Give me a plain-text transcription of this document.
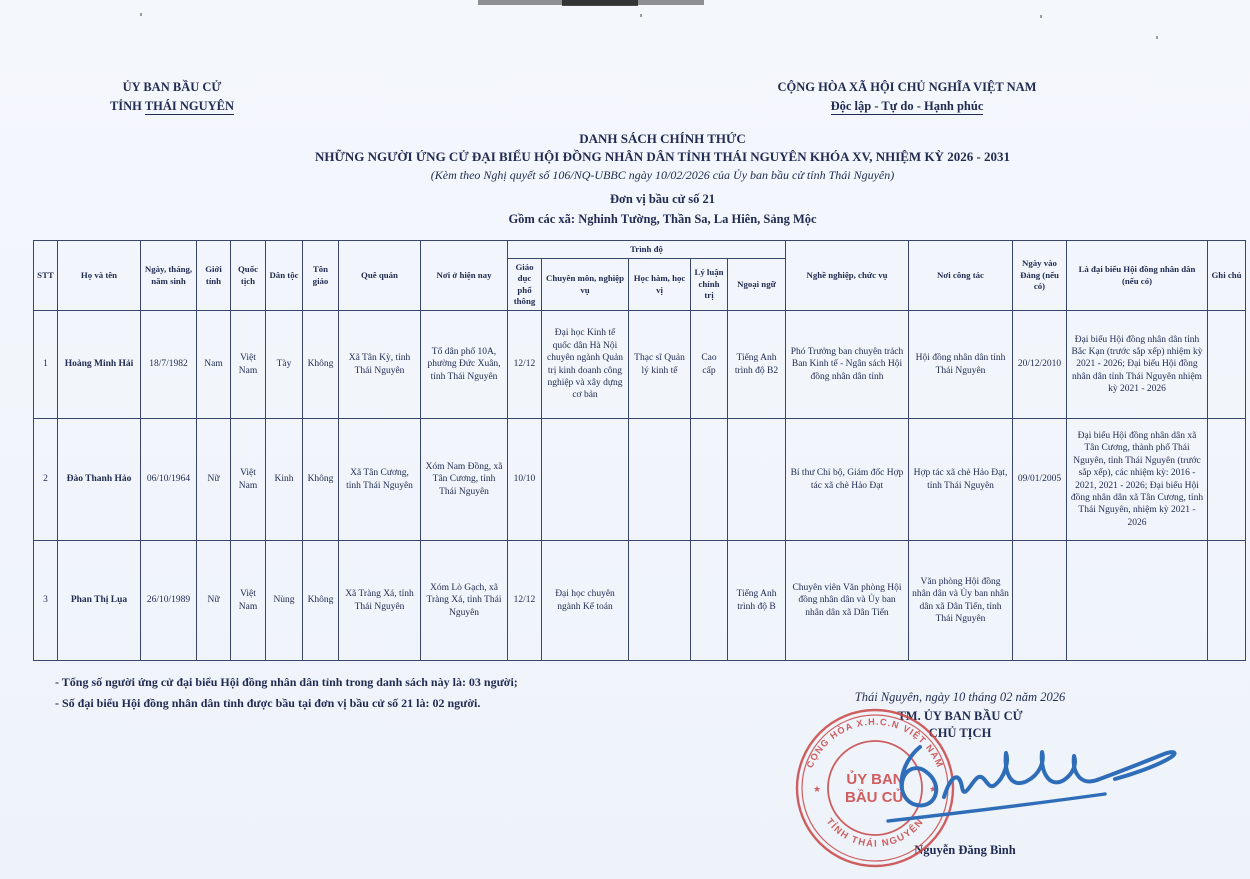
ỦY BAN BẦU CỬ
TỈNH THÁI NGUYÊN
CỘNG HÒA XÃ HỘI CHỦ NGHĨA VIỆT NAM
Độc lập - Tự do - Hạnh phúc
DANH SÁCH CHÍNH THỨC
NHỮNG NGƯỜI ỨNG CỬ ĐẠI BIỂU HỘI ĐỒNG NHÂN DÂN TỈNH THÁI NGUYÊN KHÓA XV, NHIỆM KỲ 2026 - 2031
(Kèm theo Nghị quyết số 106/NQ-UBBC ngày 10/02/2026 của Ủy ban bầu cử tỉnh Thái Nguyên)
Đơn vị bầu cử số 21
Gồm các xã: Nghinh Tường, Thần Sa, La Hiên, Sảng Mộc
STT	Họ và tên	Ngày, tháng, năm sinh	Giới tính	Quốc tịch	Dân tộc	Tôn giáo	Quê quán	Nơi ở hiện nay	Trình độ					Nghề nghiệp, chức vụ	Nơi công tác	Ngày vào Đảng (nếu có)	Là đại biểu Hội đồng nhân dân (nếu có)	Ghi chú
									Giáo dục phổ thông	Chuyên môn, nghiệp vụ	Học hàm, học vị	Lý luận chính trị	Ngoại ngữ					
1	Hoàng Minh Hải	18/7/1982	Nam	Việt Nam	Tày	Không	Xã Tân Kỳ, tỉnh Thái Nguyên	Tổ dân phố 10A, phường Đức Xuân, tỉnh Thái Nguyên	12/12	Đại học Kinh tế quốc dân Hà Nội chuyên ngành Quản trị kinh doanh công nghiệp và xây dựng cơ bản	Thạc sĩ Quản lý kinh tế	Cao cấp	Tiếng Anh trình độ B2	Phó Trưởng ban chuyên trách Ban Kinh tế - Ngân sách Hội đồng nhân dân tỉnh	Hội đồng nhân dân tỉnh Thái Nguyên	20/12/2010	Đại biểu Hội đồng nhân dân tỉnh Bắc Kạn (trước sắp xếp) nhiệm kỳ 2021 - 2026; Đại biểu Hội đồng nhân dân tỉnh Thái Nguyên nhiệm kỳ 2021 - 2026	
2	Đào Thanh Hảo	06/10/1964	Nữ	Việt Nam	Kinh	Không	Xã Tân Cương, tỉnh Thái Nguyên	Xóm Nam Đồng, xã Tân Cương, tỉnh Thái Nguyên	10/10					Bí thư Chi bộ, Giám đốc Hợp tác xã chè Hảo Đạt	Hợp tác xã chè Hảo Đạt, tỉnh Thái Nguyên	09/01/2005	Đại biểu Hội đồng nhân dân xã Tân Cương, thành phố Thái Nguyên, tỉnh Thái Nguyên (trước sắp xếp), các nhiệm kỳ: 2016 - 2021, 2021 - 2026; Đại biểu Hội đồng nhân dân xã Tân Cương, tỉnh Thái Nguyên, nhiệm kỳ 2021 - 2026	
3	Phan Thị Lụa	26/10/1989	Nữ	Việt Nam	Nùng	Không	Xã Tràng Xá, tỉnh Thái Nguyên	Xóm Lò Gạch, xã Tràng Xá, tỉnh Thái Nguyên	12/12	Đại học chuyên ngành Kế toán			Tiếng Anh trình độ B	Chuyên viên Văn phòng Hội đồng nhân dân và Ủy ban nhân dân xã Dân Tiến	Văn phòng Hội đồng nhân dân và Ủy ban nhân dân xã Dân Tiến, tỉnh Thái Nguyên			
- Tổng số người ứng cử đại biểu Hội đồng nhân dân tỉnh trong danh sách này là: 03 người;
- Số đại biểu Hội đồng nhân dân tỉnh được bầu tại đơn vị bầu cử số 21 là: 02 người.	Thái Nguyên, ngày 10 tháng 02 năm 2026
TM. ỦY BAN BẦU CỬ
CHỦ TỊCH
Nguyễn Đăng Bình
CỘNG HÒA X.H.C.N VIỆT NAM
TỈNH THÁI NGUYÊN
ỦY BAN
BẦU CỬ
★	★
